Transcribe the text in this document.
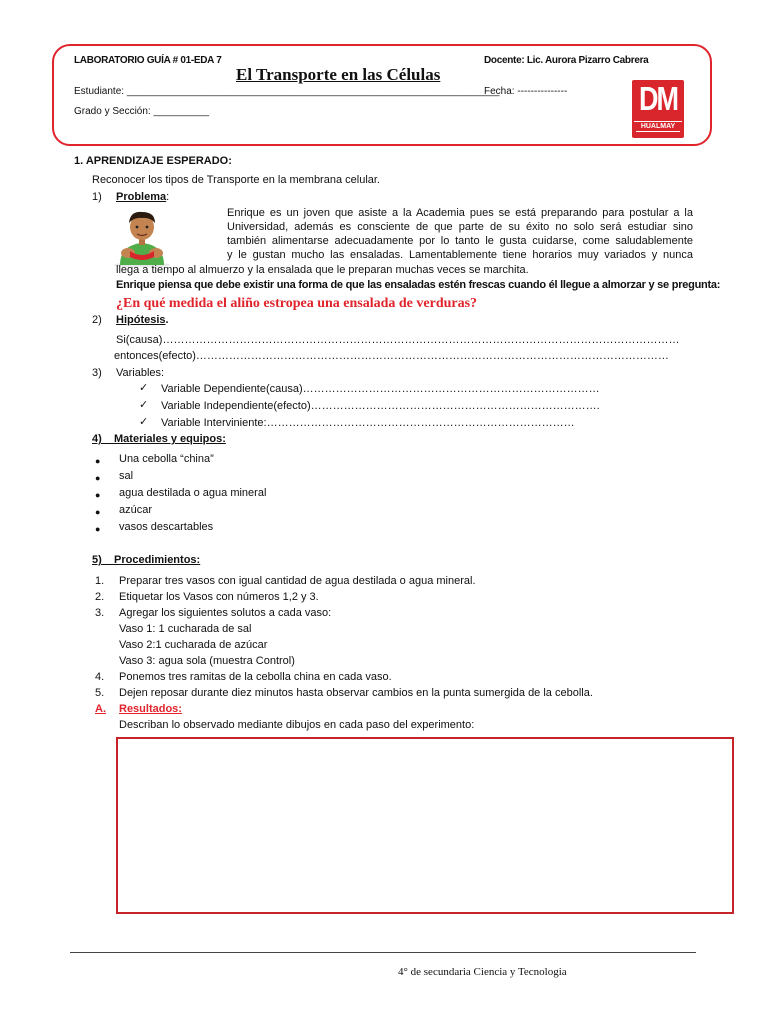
LABORATORIO GUÍA # 01-EDA 7
El Transporte en las Células
Docente: Lic. Aurora Pizarro Cabrera
Estudiante: ___________________________________________________________________
Fecha: ---------------
Grado y Sección: __________	DM
HUALMAY
1. APRENDIZAJE ESPERADO:
Reconocer los tipos de Transporte en la membrana celular.
1) Problema:
Enrique es un joven que asiste a la Academia pues se está preparando para postular a la
Universidad, además es consciente de que parte de su éxito no solo será estudiar sino
también alimentarse adecuadamente por lo tanto le gusta cuidarse, come saludablemente
y le gustan mucho las ensaladas. Lamentablemente tiene horarios muy variados y nunca
llega a tiempo al almuerzo y la ensalada que le preparan muchas veces se marchita.
Enrique piensa que debe existir una forma de que las ensaladas estén frescas cuando él llegue a almorzar y se pregunta:
¿En qué medida el aliño estropea una ensalada de verduras?
2) Hipótesis.
Si(causa)……………………………………………………………………………………………………………………………
entonces(efecto)…………………………………………………………………………………………………………………
3) Variables:
✓ Variable Dependiente(causa)………………………………………………………………………
✓ Variable Independiente(efecto)…………………………………………………………………….
✓ Variable Interviniente:…………………………………………………………………………
4)    Materiales y equipos:
● Una cebolla “china”
● sal
● agua destilada o agua mineral
● azúcar
● vasos descartables
5)    Procedimientos:
1. Preparar tres vasos con igual cantidad de agua destilada o agua mineral.
2. Etiquetar los Vasos con números 1,2 y 3.
3. Agregar los siguientes solutos a cada vaso:
Vaso 1: 1 cucharada de sal
Vaso 2:1 cucharada de azúcar
Vaso 3: agua sola (muestra Control)
4. Ponemos tres ramitas de la cebolla china en cada vaso.
5. Dejen reposar durante diez minutos hasta observar cambios en la punta sumergida de la cebolla.
A. Resultados:
Describan lo observado mediante dibujos en cada paso del experimento:
4° de secundaria Ciencia y Tecnologia
